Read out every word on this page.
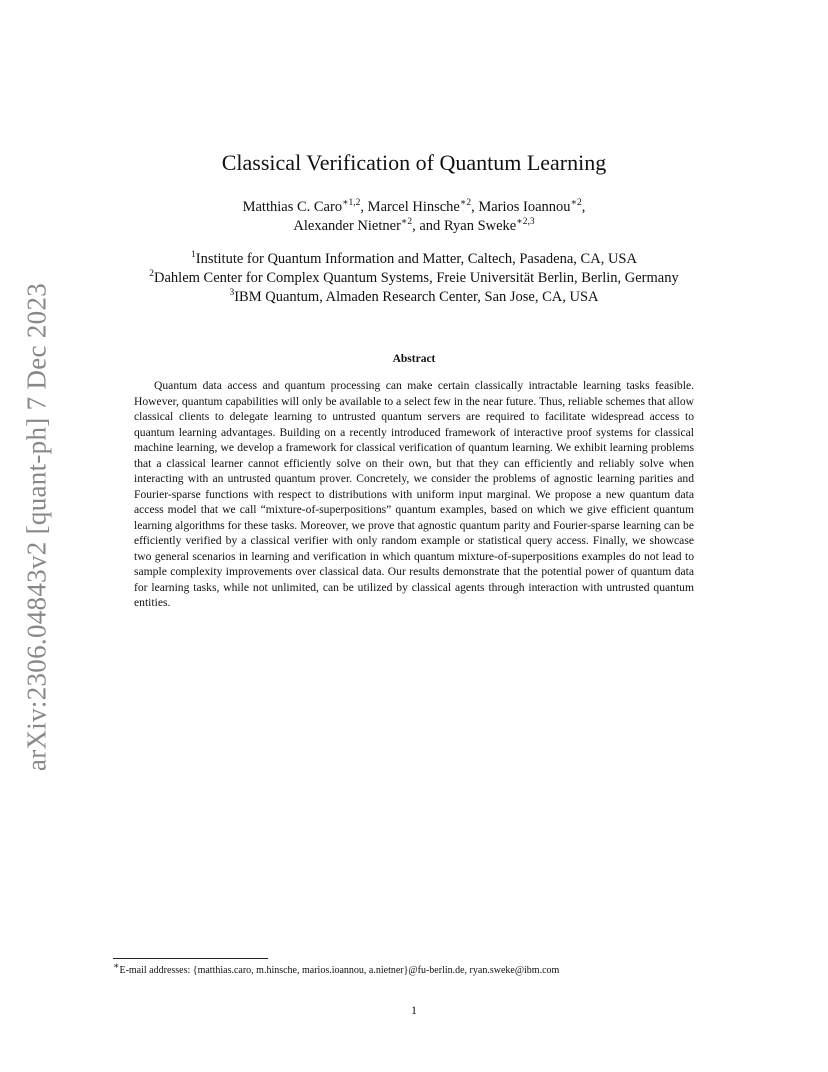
arXiv:2306.04843v2 [quant-ph] 7 Dec 2023
Classical Verification of Quantum Learning
Matthias C. Caro$^{∗1,2}$, Marcel Hinsche$^{∗2}$, Marios Ioannou$^{∗2}$,
Alexander Nietner$^{∗2}$, and Ryan Sweke$^{∗2,3}$
$^1$Institute for Quantum Information and Matter, Caltech, Pasadena, CA, USA
$^2$Dahlem Center for Complex Quantum Systems, Freie Universität Berlin, Berlin, Germany
$^3$IBM Quantum, Almaden Research Center, San Jose, CA, USA
Abstract

Quantum data access and quantum processing can make certain classically intractable learning tasks feasible. However, quantum capabilities will only be available to a select few in the near future. Thus, reliable schemes that allow classical clients to delegate learning to untrusted quantum servers are required to facilitate widespread access to quantum learning advantages. Building on a recently introduced framework of interactive proof systems for classical machine learning, we develop a framework for classical verification of quantum learning. We exhibit learning problems that a classical learner cannot efficiently solve on their own, but that they can efficiently and reliably solve when interacting with an untrusted quantum prover. Concretely, we consider the problems of agnostic learning parities and Fourier-sparse functions with respect to distributions with uniform input marginal. We propose a new quantum data access model that we call “mixture-of-superpositions” quantum examples, based on which we give efficient quantum learning algorithms for these tasks. Moreover, we prove that agnostic quantum parity and Fourier-sparse learning can be efficiently verified by a classical verifier with only random example or statistical query access. Finally, we showcase two general scenarios in learning and verification in which quantum mixture-of-superpositions examples do not lead to sample complexity improvements over classical data. Our results demonstrate that the potential power of quantum data for learning tasks, while not unlimited, can be utilized by classical agents through interaction with untrusted quantum entities.

∗E-mail addresses: {matthias.caro, m.hinsche, marios.ioannou, a.nietner}@fu-berlin.de, ryan.sweke@ibm.com
1
